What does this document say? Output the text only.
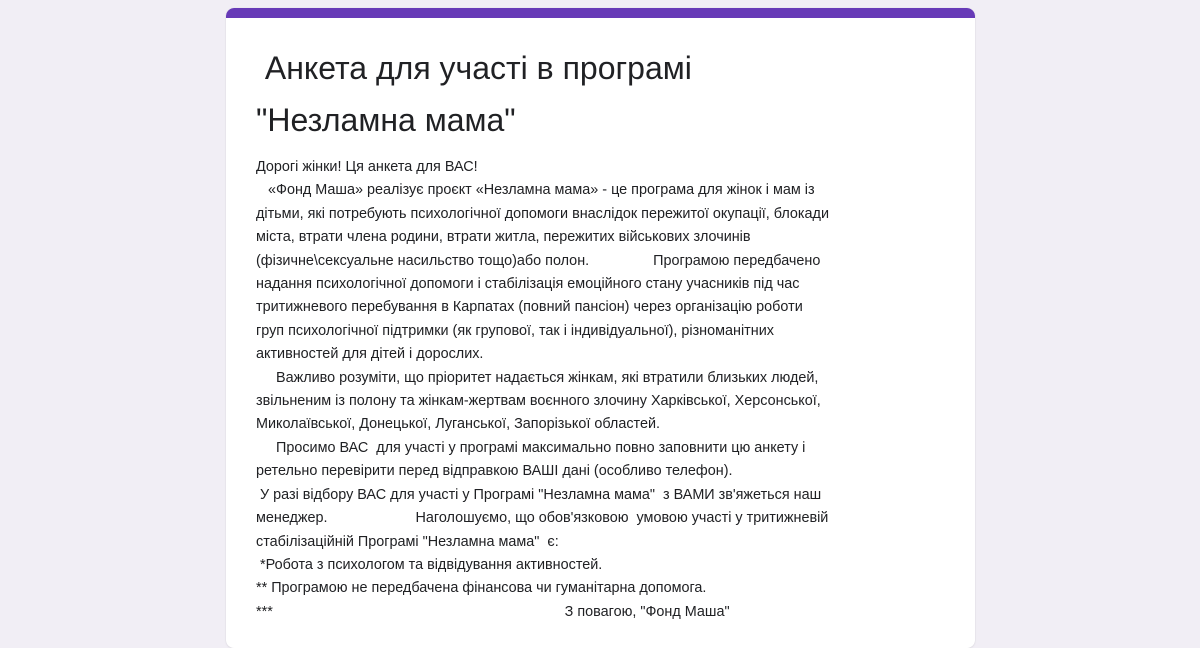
Анкета для участі в програмі
"Незламна мама"
Дорогі жінки! Ця анкета для ВАС!
«Фонд Маша» реалізує проєкт «Незламна мама» - це програма для жінок і мам із
дітьми, які потребують психологічної допомоги внаслідок пережитої окупації, блокади
міста, втрати члена родини, втрати житла, пережитих військових злочинів
(фізичне\сексуальне насильство тощо)або полон.                Програмою передбачено
надання психологічної допомоги і стабілізація емоційного стану учасників під час
тритижневого перебування в Карпатах (повний пансіон) через організацію роботи
груп психологічної підтримки (як групової, так і індивідуальної), різноманітних
активностей для дітей і дорослих.
Важливо розуміти, що пріоритет надається жінкам, які втратили близьких людей,
звільненим із полону та жінкам-жертвам воєнного злочину Харківської, Херсонської,
Миколаївської, Донецької, Луганської, Запорізької областей.
Просимо ВАС  для участі у програмі максимально повно заповнити цю анкету і
ретельно перевірити перед відправкою ВАШІ дані (особливо телефон).
У разі відбору ВАС для участі у Програмі "Незламна мама"  з ВАМИ зв'яжеться наш
менеджер.                      Наголошуємо, що обов'язковою  умовою участі у тритижневій
стабілізаційній Програмі "Незламна мама"  є:
*Робота з психологом та відвідування активностей.
** Програмою не передбачена фінансова чи гуманітарна допомога.
***                                                                         З повагою, "Фонд Маша"
